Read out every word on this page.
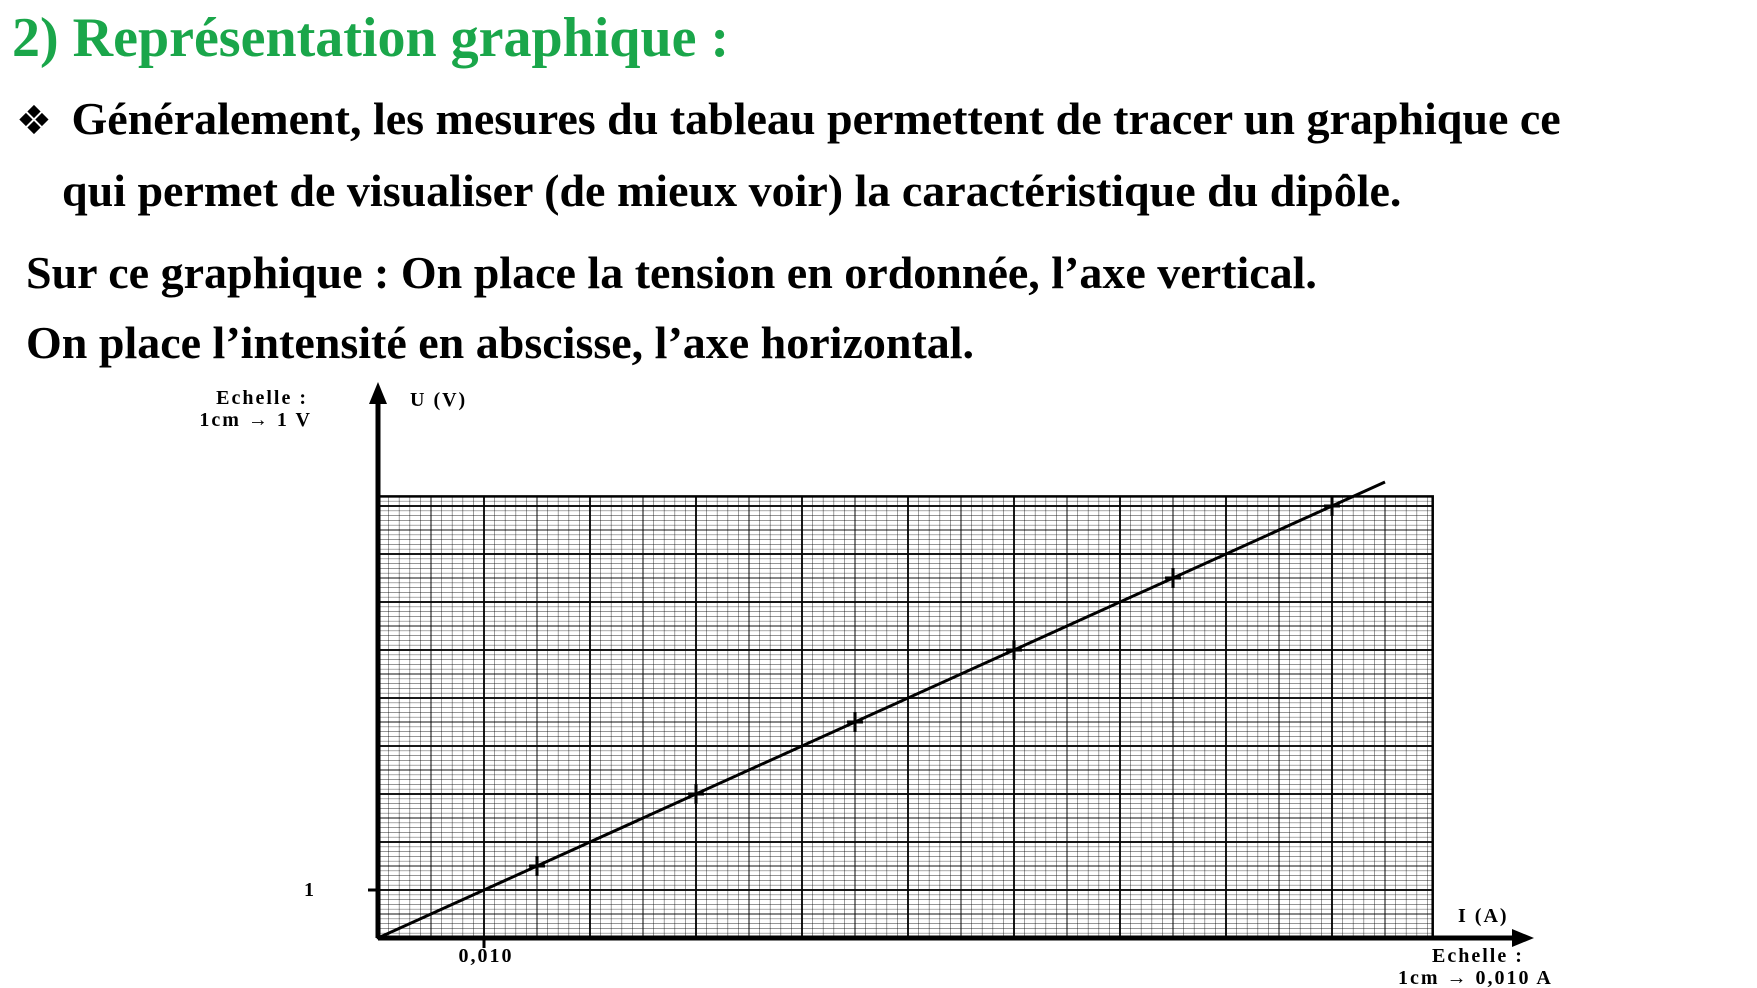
2) Représentation graphique :
❖ Généralement, les mesures du tableau permettent de tracer un graphique ce
qui permet de visualiser (de mieux voir) la caractéristique du dipôle.
Sur ce graphique : On place la tension en ordonnée, l’axe vertical.
On place l’intensité en abscisse, l’axe horizontal.
U (V)
Echelle :
1cm → 1 V
1
0,010
I (A)
Echelle :
1cm → 0,010 A
